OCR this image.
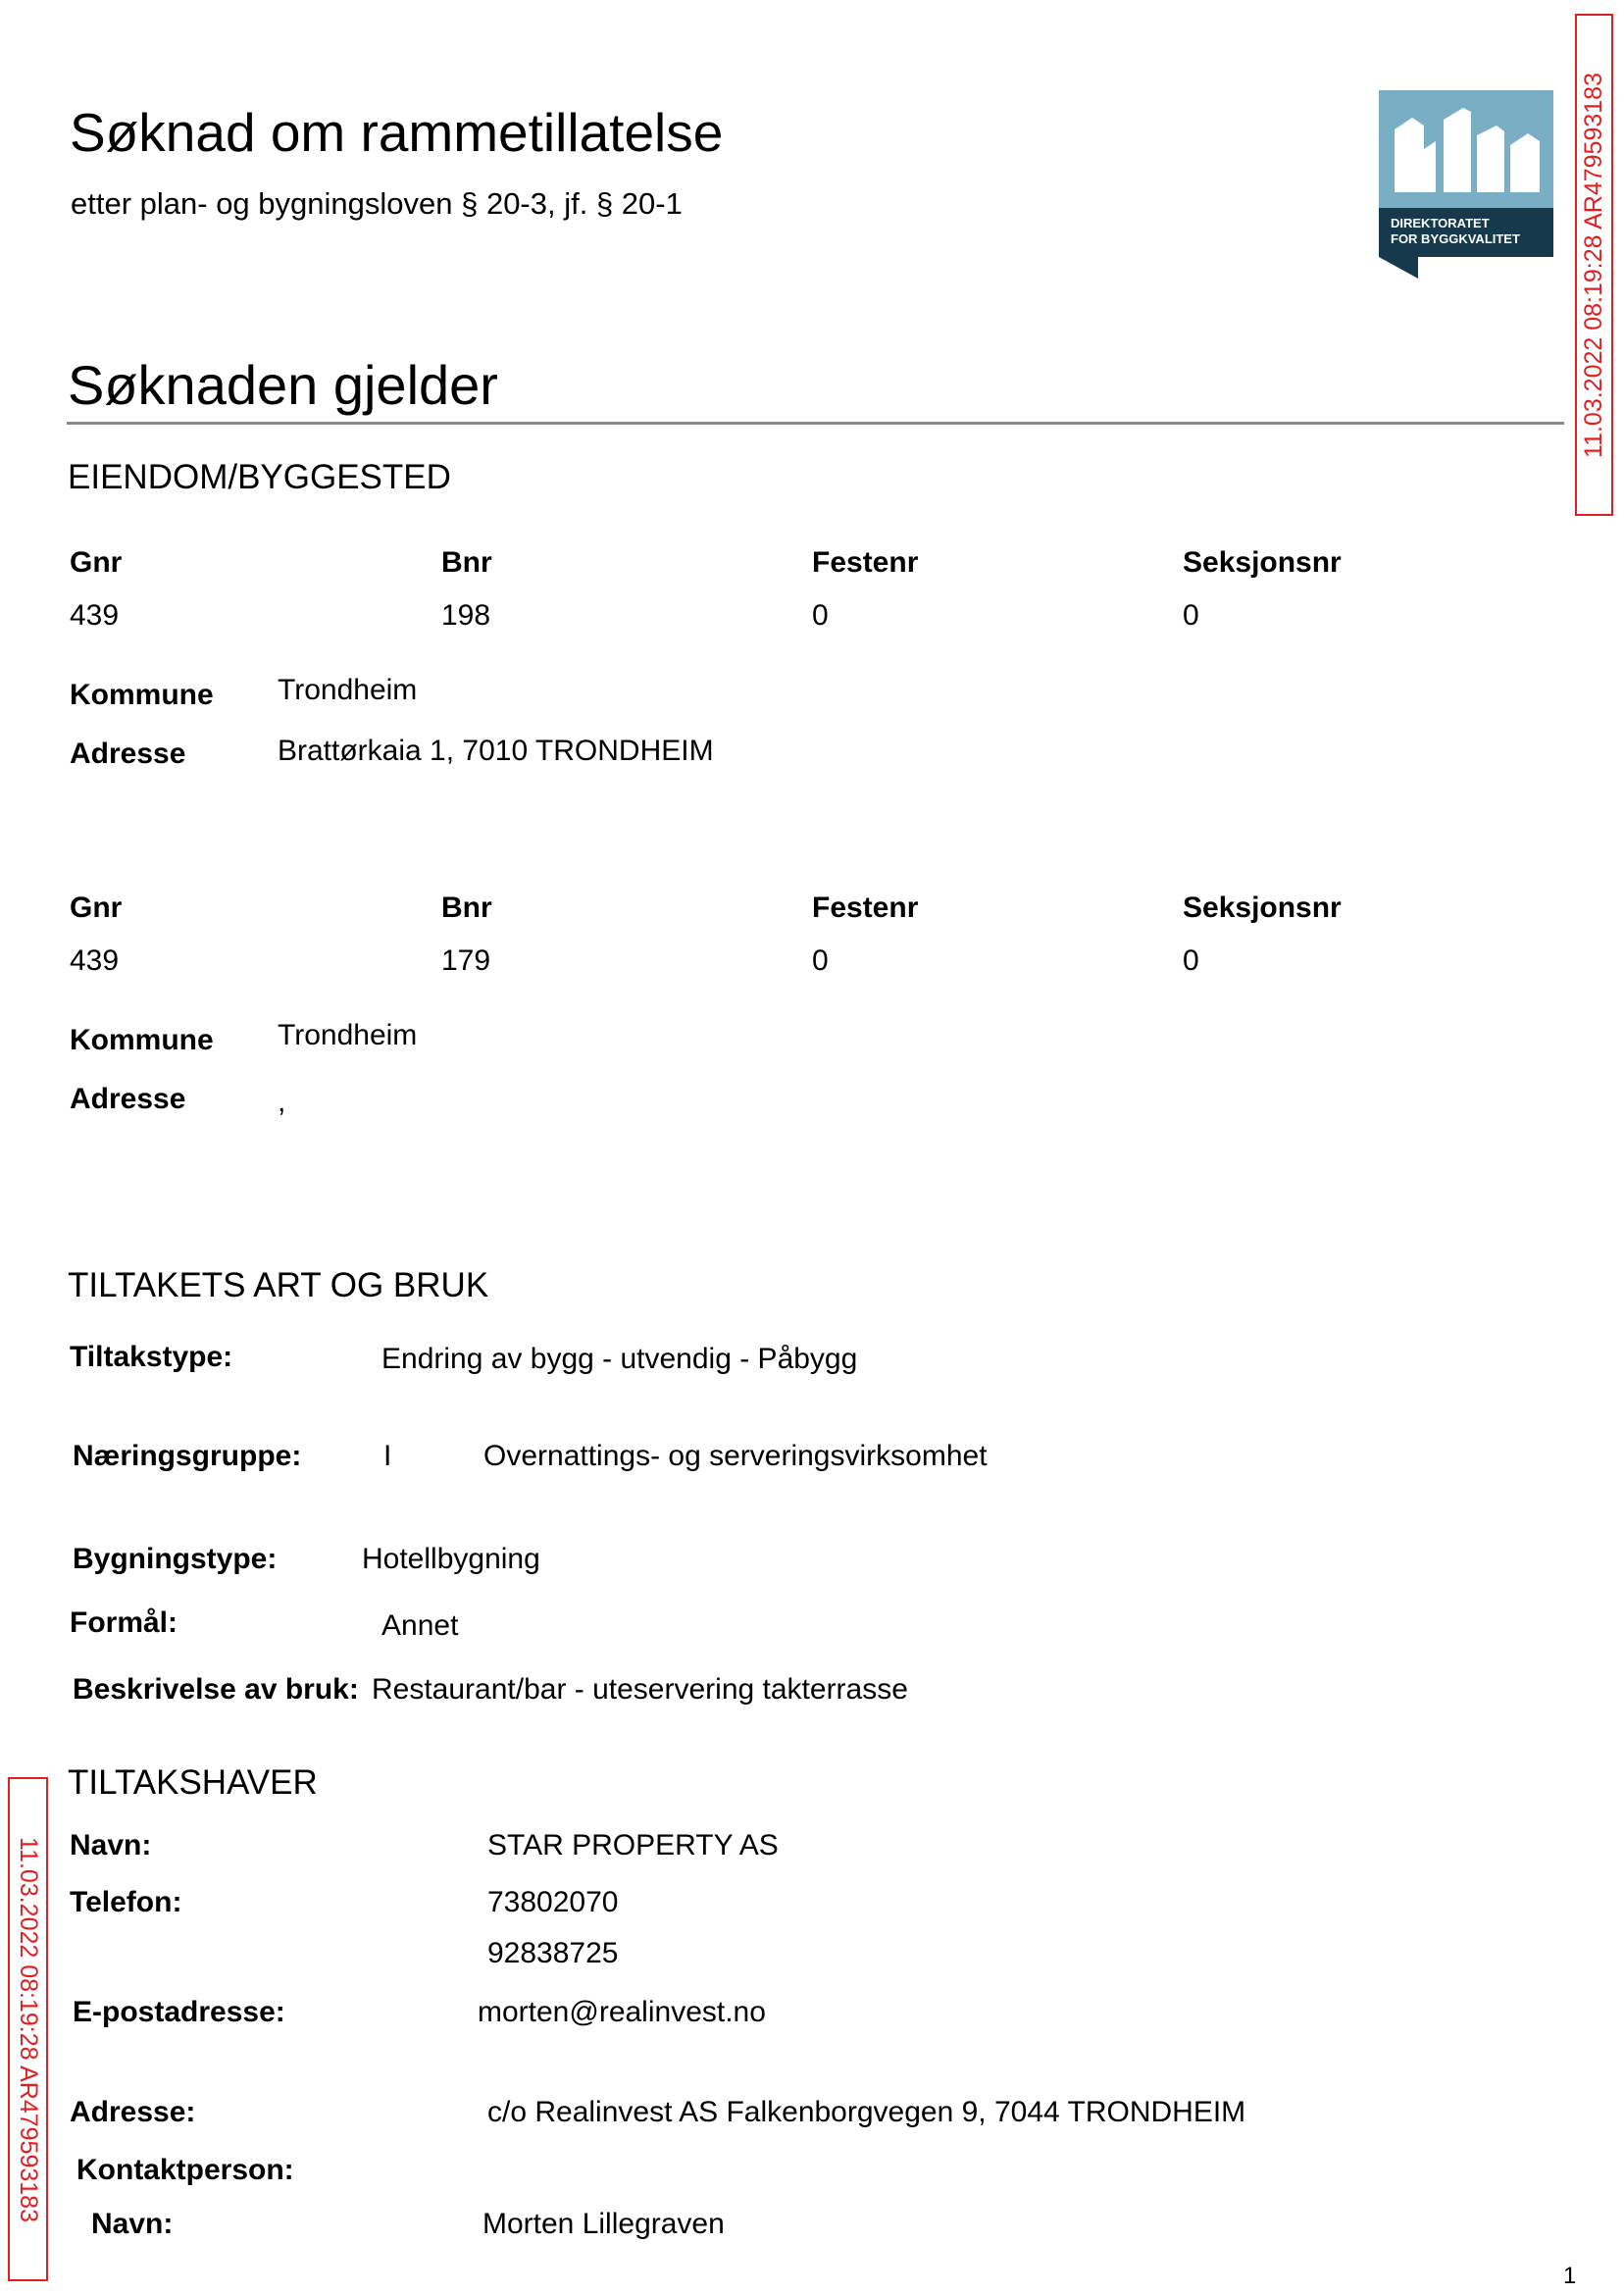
Søknad om rammetillatelse
etter plan- og bygningsloven § 20-3, jf. § 20-1
DIREKTORATET
FOR BYGGKVALITET 11.03.2022 08:19:28 AR479593183
11.03.2022 08:19:28 AR479593183
Søknaden gjelder
EIENDOM/BYGGESTED
Gnr	Bnr	Festenr	Seksjonsnr
439	198	0	0
Kommune Trondheim
Adresse	Brattørkaia 1, 7010 TRONDHEIM
Gnr	Bnr	Festenr	Seksjonsnr
439	179	0	0
Kommune Trondheim
Adresse	,
TILTAKETS ART OG BRUK
Tiltakstype:	Endring av bygg - utvendig - Påbygg
Næringsgruppe:	I	Overnattings- og serveringsvirksomhet
Bygningstype:	Hotellbygning
Formål:	Annet
Beskrivelse av bruk: Restaurant/bar - uteservering takterrasse
TILTAKSHAVER
Navn:	STAR PROPERTY AS
Telefon:	73802070
92838725
E-postadresse:	morten@realinvest.no
Adresse:	c/o Realinvest AS Falkenborgvegen 9, 7044 TRONDHEIM
Kontaktperson:
Navn:	Morten Lillegraven
1
